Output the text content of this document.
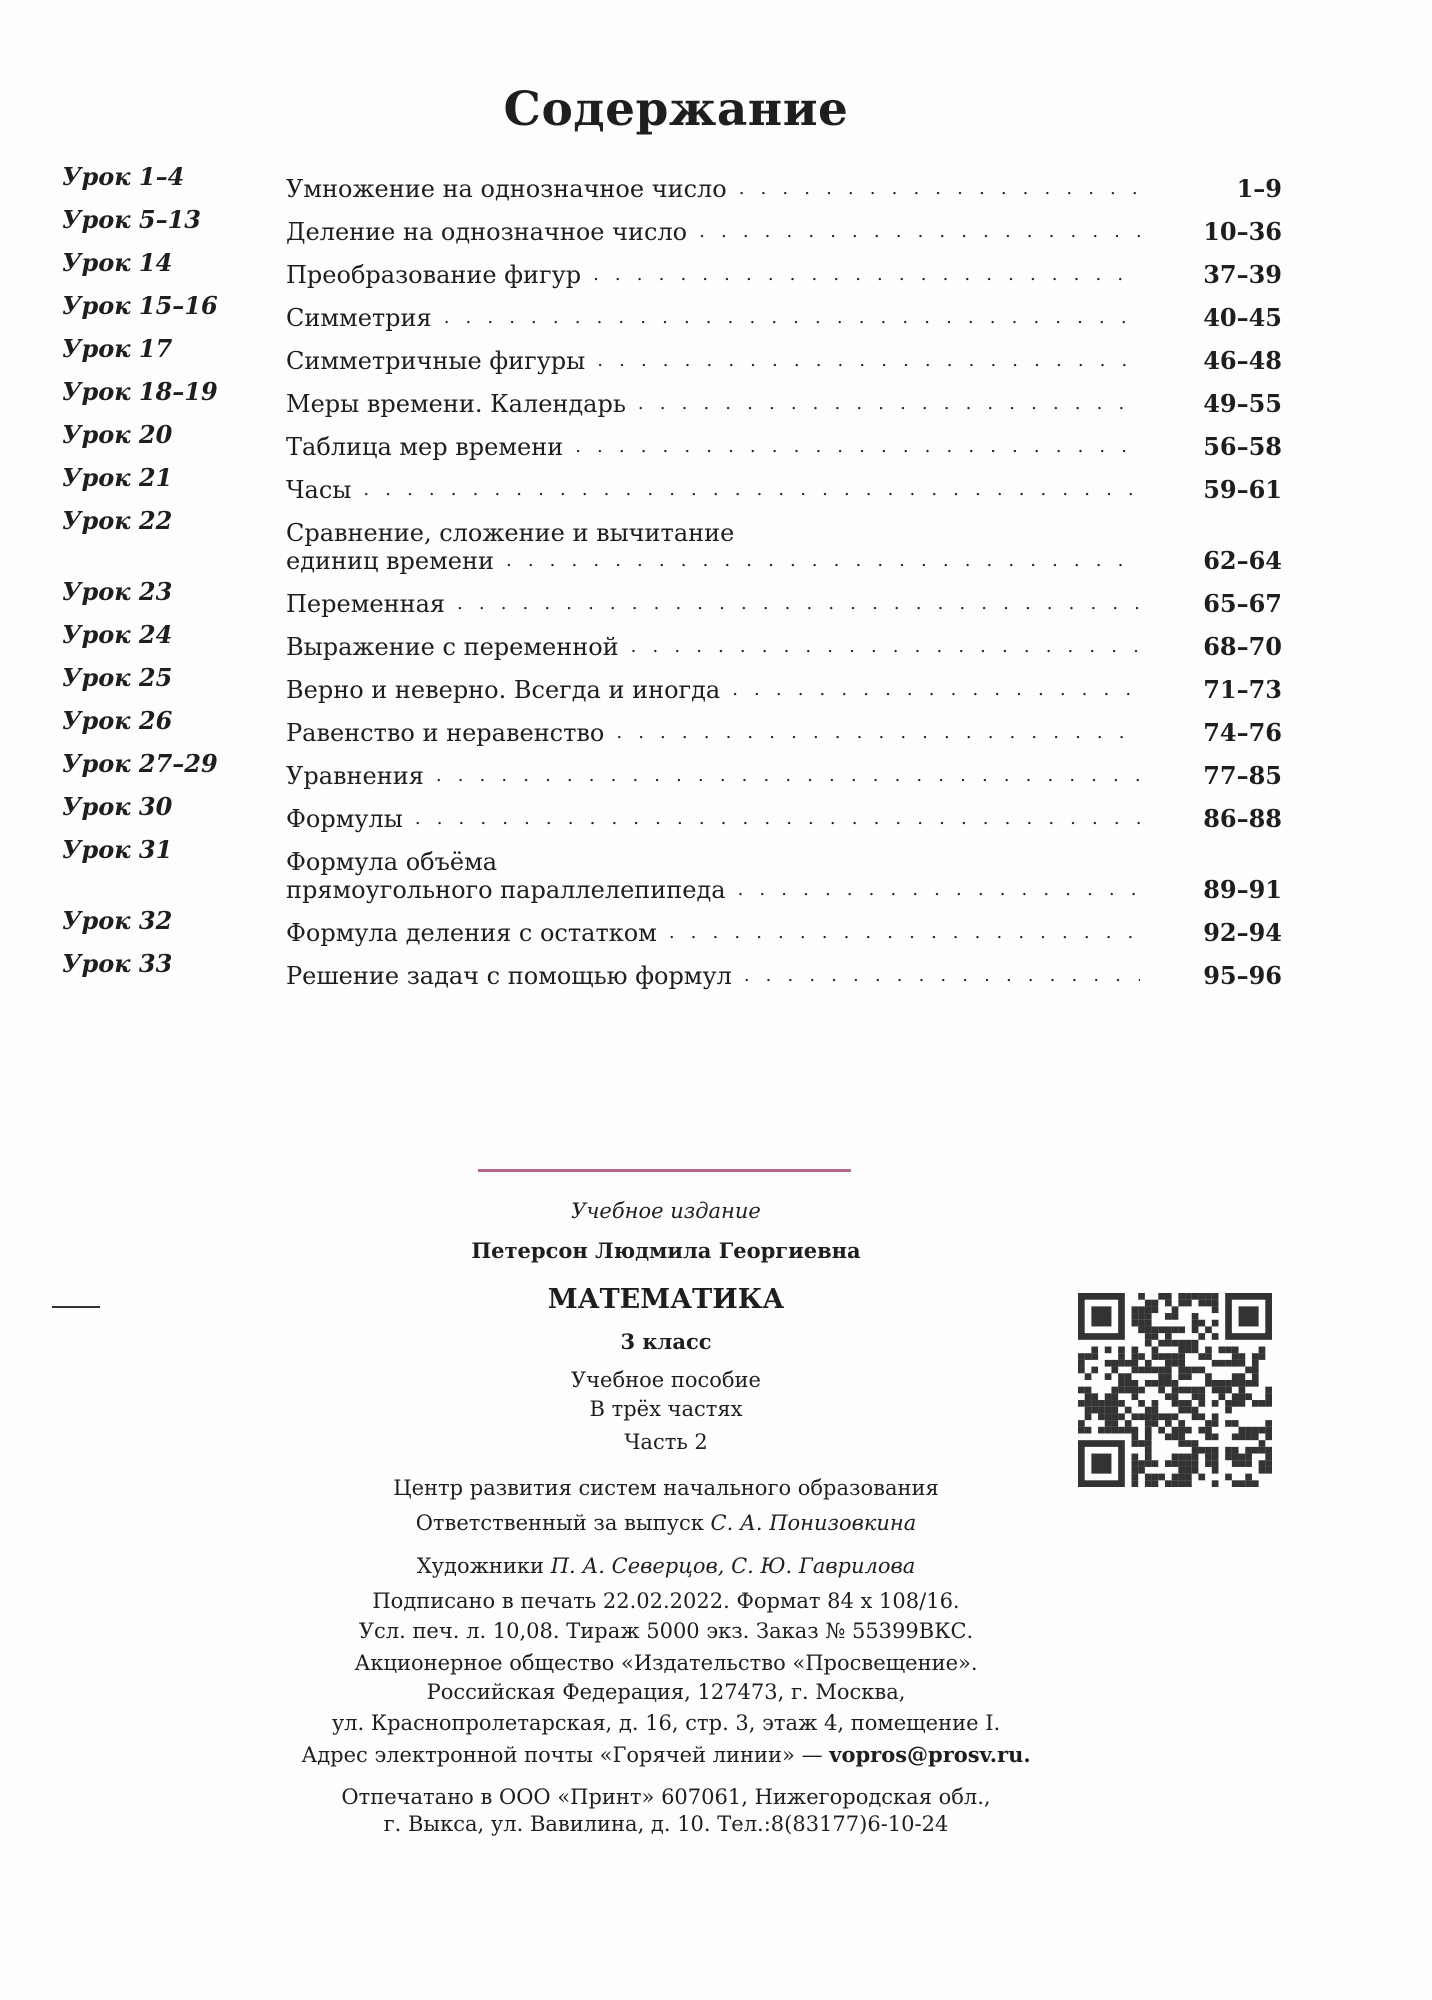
Содержание
Урок 1–4	Умножение на однозначное число . . .	1–9
Урок 5–13	Деление на однозначное число . . .	10–36
Урок 14	Преобразование фигур . . .	37–39
Урок 15–16	Симметрия . . .	40–45
Урок 17	Симметричные фигуры . . .	46–48
Урок 18–19	Меры времени. Календарь . . .	49–55
Урок 20	Таблица мер времени . . .	56–58
Урок 21	Часы . . .	59–61
Урок 22	Сравнение, сложение и вычитание
единиц времени . . .	62–64
Урок 23	Переменная . . .	65–67
Урок 24	Выражение с переменной . . .	68–70
Урок 25	Верно и неверно. Всегда и иногда . . .	71–73
Урок 26	Равенство и неравенство . . .	74–76
Урок 27–29	Уравнения . . .	77–85
Урок 30	Формулы . . .	86–88
Урок 31	Формула объёма
прямоугольного параллелепипеда . . .	89–91
Урок 32	Формула деления с остатком . . .	92–94
Урок 33	Решение задач с помощью формул . . .	95–96
Учебное издание
Петерсон Людмила Георгиевна
МАТЕМАТИКА
3 класс
Учебное пособие
В трёх частях
Часть 2
Центр развития систем начального образования
Ответственный за выпуск С. А. Понизовкина
Художники П. А. Северцов, С. Ю. Гаврилова
Подписано в печать 22.02.2022. Формат 84 x 108/16.
Усл. печ. л. 10,08. Тираж 5000 экз. Заказ № 55399ВКС.
Акционерное общество «Издательство «Просвещение».
Российская Федерация, 127473, г. Москва,
ул. Краснопролетарская, д. 16, стр. 3, этаж 4, помещение I.
Адрес электронной почты «Горячей линии» — vopros@prosv.ru.
Отпечатано в ООО «Принт» 607061, Нижегородская обл.,
г. Выкса, ул. Вавилина, д. 10. Тел.:8(83177)6-10-24
